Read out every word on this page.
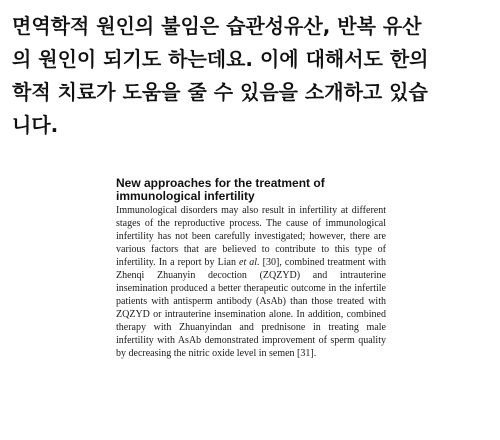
면역학적 원인의 불임은 습관성유산, 반복 유산
의 원인이 되기도 하는데요. 이에 대해서도 한의
학적 치료가 도움을 줄 수 있음을 소개하고 있습
니다.

New approaches for the treatment of
immunological infertility

Immunological disorders may also result in infertility at different stages of the reproductive process. The cause of immunological infertility has not been carefully investigated; however, there are various factors that are believed to contribute to this type of infertility. In a report by Lian et al. [30], combined treatment with Zhenqi Zhuanyin decoction (ZQZYD) and intrauterine insemination produced a better therapeutic outcome in the infertile patients with antisperm antibody (AsAb) than those treated with ZQZYD or intrauterine insemination alone. In addition, combined therapy with Zhuanyindan and prednisone in treating male infertility with AsAb demonstrated improvement of sperm quality by decreasing the nitric oxide level in semen [31].
